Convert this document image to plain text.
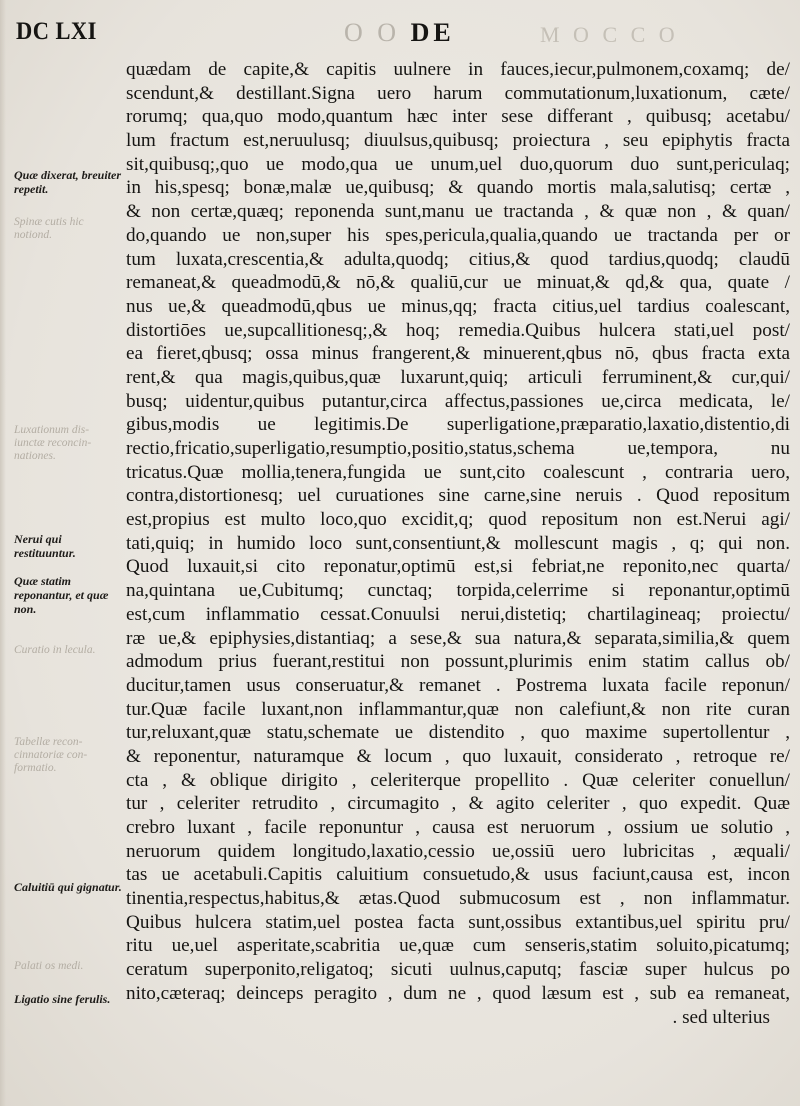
DC LXI	O O DE	M O C C O
Quæ dixerat, breuiter repetit.
Spinæ cutis hic notiond.
Luxationum dis- iunctæ reconcin- nationes.
Nerui qui restituuntur.
Quæ statim reponantur, et quæ non.
Curatio in lecula.
Tabellæ recon- cinnatoriæ con- formatio.
Caluitiū qui gignatur.
Palati os medi.
Ligatio sine ferulis.
quædam de capite,& capitis uulnere in fauces,iecur,pulmonem,coxamq; de/
scendunt,& destillant.Signa uero harum commutationum,luxationum, cæte/
rorumq; qua,quo modo,quantum hæc inter sese differant , quibusq; acetabu/
lum fractum est,neruulusq; diuulsus,quibusq; proiectura , seu epiphytis fracta
sit,quibusq;,quo ue modo,qua ue unum,uel duo,quorum duo sunt,periculaq;
in his,spesq; bonæ,malæ ue,quibusq; & quando mortis mala,salutisq; certæ ,
& non certæ,quæq; reponenda sunt,manu ue tractanda , & quæ non , & quan/
do,quando ue non,super his spes,pericula,qualia,quando ue tractanda per or
tum luxata,crescentia,& adulta,quodq; citius,& quod tardius,quodq; claudū
remaneat,& queadmodū,& nō,& qualiū,cur ue minuat,& qd,& qua, quate /
nus ue,& queadmodū,qbus ue minus,qq; fracta citius,uel tardius coalescant,
distortiōes ue,supcallitionesq;,& hoq; remedia.Quibus hulcera stati,uel post/
ea fieret,qbusq; ossa minus frangerent,& minuerent,qbus nō, qbus fracta exta
rent,& qua magis,quibus,quæ luxarunt,quiq; articuli ferruminent,& cur,qui/
busq; uidentur,quibus putantur,circa affectus,passiones ue,circa medicata, le/
gibus,modis ue legitimis.De superligatione,præparatio,laxatio,distentio,di
rectio,fricatio,superligatio,resumptio,positio,status,schema ue,tempora, nu
tricatus.Quæ mollia,tenera,fungida ue sunt,cito coalescunt , contraria uero,
contra,distortionesq; uel curuationes sine carne,sine neruis . Quod repositum
est,propius est multo loco,quo excidit,q; quod repositum non est.Nerui agi/
tati,quiq; in humido loco sunt,consentiunt,& mollescunt magis , q; qui non.
Quod luxauit,si cito reponatur,optimū est,si febriat,ne reponito,nec quarta/
na,quintana ue,Cubitumq; cunctaq; torpida,celerrime si reponantur,optimū
est,cum inflammatio cessat.Conuulsi nerui,distetiq; chartilagineaq; proiectu/
ræ ue,& epiphysies,distantiaq; a sese,& sua natura,& separata,similia,& quem
admodum prius fuerant,restitui non possunt,plurimis enim statim callus ob/
ducitur,tamen usus conseruatur,& remanet . Postrema luxata facile reponun/
tur.Quæ facile luxant,non inflammantur,quæ non calefiunt,& non rite curan
tur,reluxant,quæ statu,schemate ue distendito , quo maxime supertollentur ,
& reponentur, naturamque & locum , quo luxauit, considerato , retroque re/
cta , & oblique dirigito , celeriterque propellito . Quæ celeriter conuellun/
tur , celeriter retrudito , circumagito , & agito celeriter , quo expedit. Quæ
crebro luxant , facile reponuntur , causa est neruorum , ossium ue solutio ,
neruorum quidem longitudo,laxatio,cessio ue,ossiū uero lubricitas , æquali/
tas ue acetabuli.Capitis caluitium consuetudo,& usus faciunt,causa est, incon
tinentia,respectus,habitus,& ætas.Quod submucosum est , non inflammatur.
Quibus hulcera statim,uel postea facta sunt,ossibus extantibus,uel spiritu pru/
ritu ue,uel asperitate,scabritia ue,quæ cum senseris,statim soluito,picatumq;
ceratum superponito,religatoq; sicuti uulnus,caputq; fasciæ super hulcus po
nito,cæteraq; deinceps peragito , dum ne , quod læsum est , sub ea remaneat,
. sed ulterius
